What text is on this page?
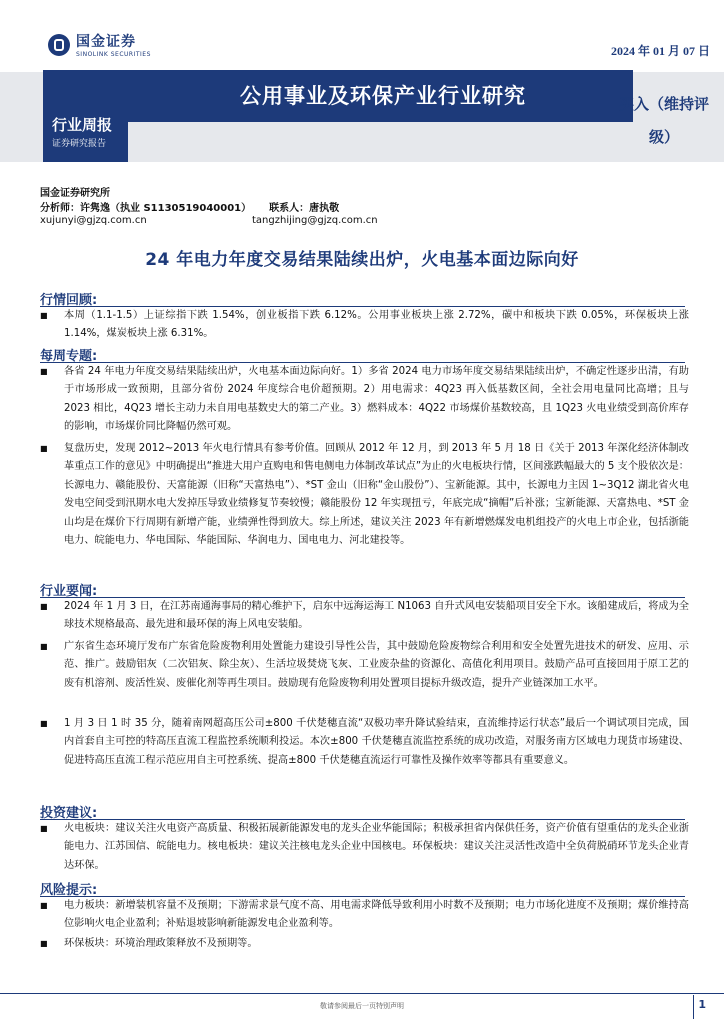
国金证券
SINOLINK SECURITIES	2024 年 01 月 07 日
公用事业及环保产业行业研究	买入（维持评级）
行业周报
证券研究报告
国金证券研究所
分析师：许隽逸（执业 S1130519040001） 联系人：唐执敬
xujunyi@gjzq.com.cn	tangzhijing@gjzq.com.cn
24 年电力年度交易结果陆续出炉，火电基本面边际向好
行情回顾:
■ 本周（1.1-1.5）上证综指下跌 1.54%，创业板指下跌 6.12%。公用事业板块上涨 2.72%，碳中和板块下跌 0.05%，环保板块上涨 1.14%，煤炭板块上涨 6.31%。
每周专题:
■ 各省 24 年电力年度交易结果陆续出炉，火电基本面边际向好。1）多省 2024 电力市场年度交易结果陆续出炉，不确定性逐步出清，有助于市场形成一致预期，且部分省份 2024 年度综合电价超预期。2）用电需求：4Q23 再入低基数区间，全社会用电量同比高增；且与 2023 相比，4Q23 增长主动力未自用电基数史大的第二产业。3）燃料成本：4Q22 市场煤价基数较高，且 1Q23 火电业绩受到高价库存的影响，市场煤价同比降幅仍然可观。
■ 复盘历史，发现 2012~2013 年火电行情具有参考价值。回顾从 2012 年 12 月，到 2013 年 5 月 18 日《关于 2013 年深化经济体制改革重点工作的意见》中明确提出“推进大用户直购电和售电侧电力体制改革试点”为止的火电板块行情，区间涨跌幅最大的 5 支个股依次是：长源电力、赣能股份、天富能源（旧称“天富热电”）、*ST 金山（旧称“金山股份”）、宝新能源。其中，长源电力主因 1~3Q12 湖北省火电发电空间受到汛期水电大发掉压导致业绩修复节奏较慢；赣能股份 12 年实现扭亏，年底完成“摘帽”后补涨；宝新能源、天富热电、*ST 金山均是在煤价下行周期有新增产能，业绩弹性得到放大。综上所述，建议关注 2023 年有新增燃煤发电机组投产的火电上市企业，包括浙能电力、皖能电力、华电国际、华能国际、华润电力、国电电力、河北建投等。
行业要闻:
■ 2024 年 1 月 3 日，在江苏南通海事局的精心维护下，启东中远海运海工 N1063 自升式风电安装船项目安全下水。该船建成后，将成为全球技术规格最高、最先进和最环保的海上风电安装船。
■ 广东省生态环境厅发布广东省危险废物利用处置能力建设引导性公告，其中鼓励危险废物综合利用和安全处置先进技术的研发、应用、示范、推广。鼓励铝灰（二次铝灰、除尘灰）、生活垃圾焚烧飞灰、工业废杂盐的资源化、高值化利用项目。鼓励产品可直接回用于原工艺的废有机溶剂、废活性炭、废催化剂等再生项目。鼓励现有危险废物利用处置项目提标升级改造，提升产业链深加工水平。
■ 1 月 3 日 1 时 35 分，随着南网超高压公司±800 千伏楚穗直流“双极功率升降试验结束，直流维持运行状态”最后一个调试项目完成，国内首套自主可控的特高压直流工程监控系统顺利投运。本次±800 千伏楚穗直流监控系统的成功改造，对服务南方区域电力现货市场建设、促进特高压直流工程示范应用自主可控系统、提高±800 千伏楚穗直流运行可靠性及操作效率等都具有重要意义。
投资建议:
■ 火电板块：建议关注火电资产高质量、积极拓展新能源发电的龙头企业华能国际；积极承担省内保供任务，资产价值有望重估的龙头企业浙能电力、江苏国信、皖能电力。核电板块：建议关注核电龙头企业中国核电。环保板块：建议关注灵活性改造中全负荷脱硝环节龙头企业青达环保。
风险提示:
■ 电力板块：新增装机容量不及预期；下游需求景气度不高、用电需求降低导致利用小时数不及预期；电力市场化进度不及预期；煤价维持高位影响火电企业盈利；补贴退坡影响新能源发电企业盈利等。
■ 环保板块：环境治理政策释放不及预期等。
敬请参阅最后一页特别声明	1
